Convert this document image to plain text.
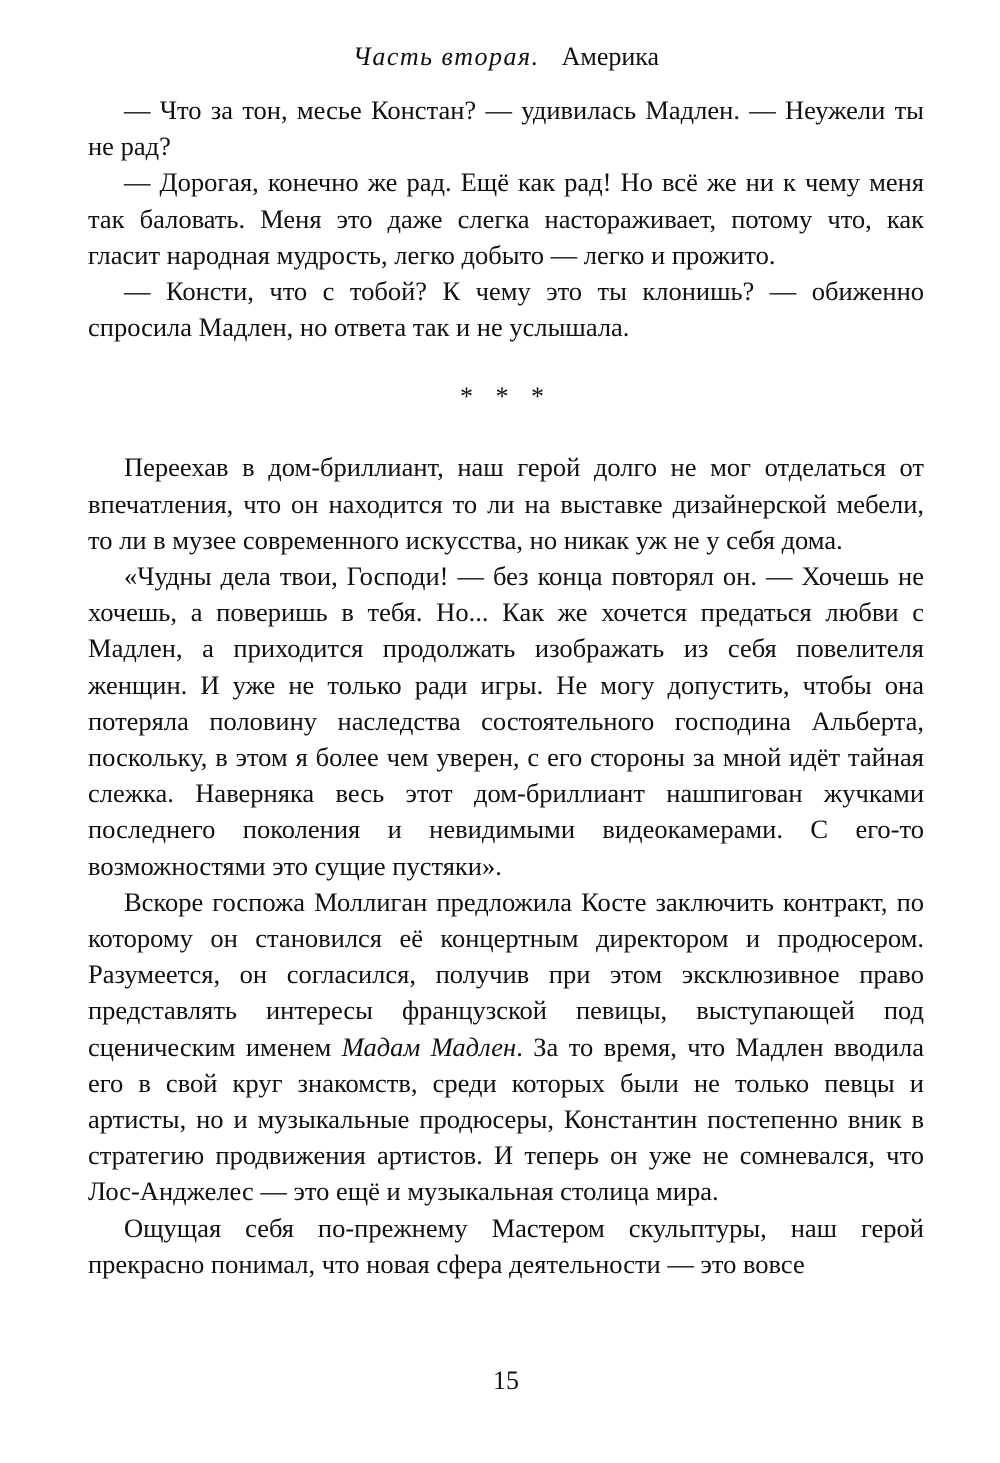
Часть вторая. Америка

— Что за тон, месье Констан? — удивилась Мадлен. — Неужели ты не рад?

— Дорогая, конечно же рад. Ещё как рад! Но всё же ни к чему меня так баловать. Меня это даже слегка настораживает, потому что, как гласит народная мудрость, легко добыто — легко и прожито.

— Консти, что с тобой? К чему это ты клонишь? — обиженно спросила Мадлен, но ответа так и не услышала.

* * *

Переехав в дом-бриллиант, наш герой долго не мог отделаться от впечатления, что он находится то ли на выставке дизайнерской мебели, то ли в музее современного искусства, но никак уж не у себя дома.

«Чудны дела твои, Господи! — без конца повторял он. — Хочешь не хочешь, а поверишь в тебя. Но... Как же хочется предаться любви с Мадлен, а приходится продолжать изображать из себя повелителя женщин. И уже не только ради игры. Не могу допустить, чтобы она потеряла половину наследства состоятельного господина Альберта, поскольку, в этом я более чем уверен, с его стороны за мной идёт тайная слежка. Наверняка весь этот дом-бриллиант нашпигован жучками последнего поколения и невидимыми видеокамерами. С его-то возможностями это сущие пустяки».

Вскоре госпожа Моллиган предложила Косте заключить контракт, по которому он становился её концертным директором и продюсером. Разумеется, он согласился, получив при этом эксклюзивное право представлять интересы французской певицы, выступающей под сценическим именем Мадам Мадлен. За то время, что Мадлен вводила его в свой круг знакомств, среди которых были не только певцы и артисты, но и музыкальные продюсеры, Константин постепенно вник в стратегию продвижения артистов. И теперь он уже не сомневался, что Лос-Анджелес — это ещё и музыкальная столица мира.

Ощущая себя по-прежнему Мастером скульптуры, наш герой прекрасно понимал, что новая сфера деятельности — это вовсе

15
